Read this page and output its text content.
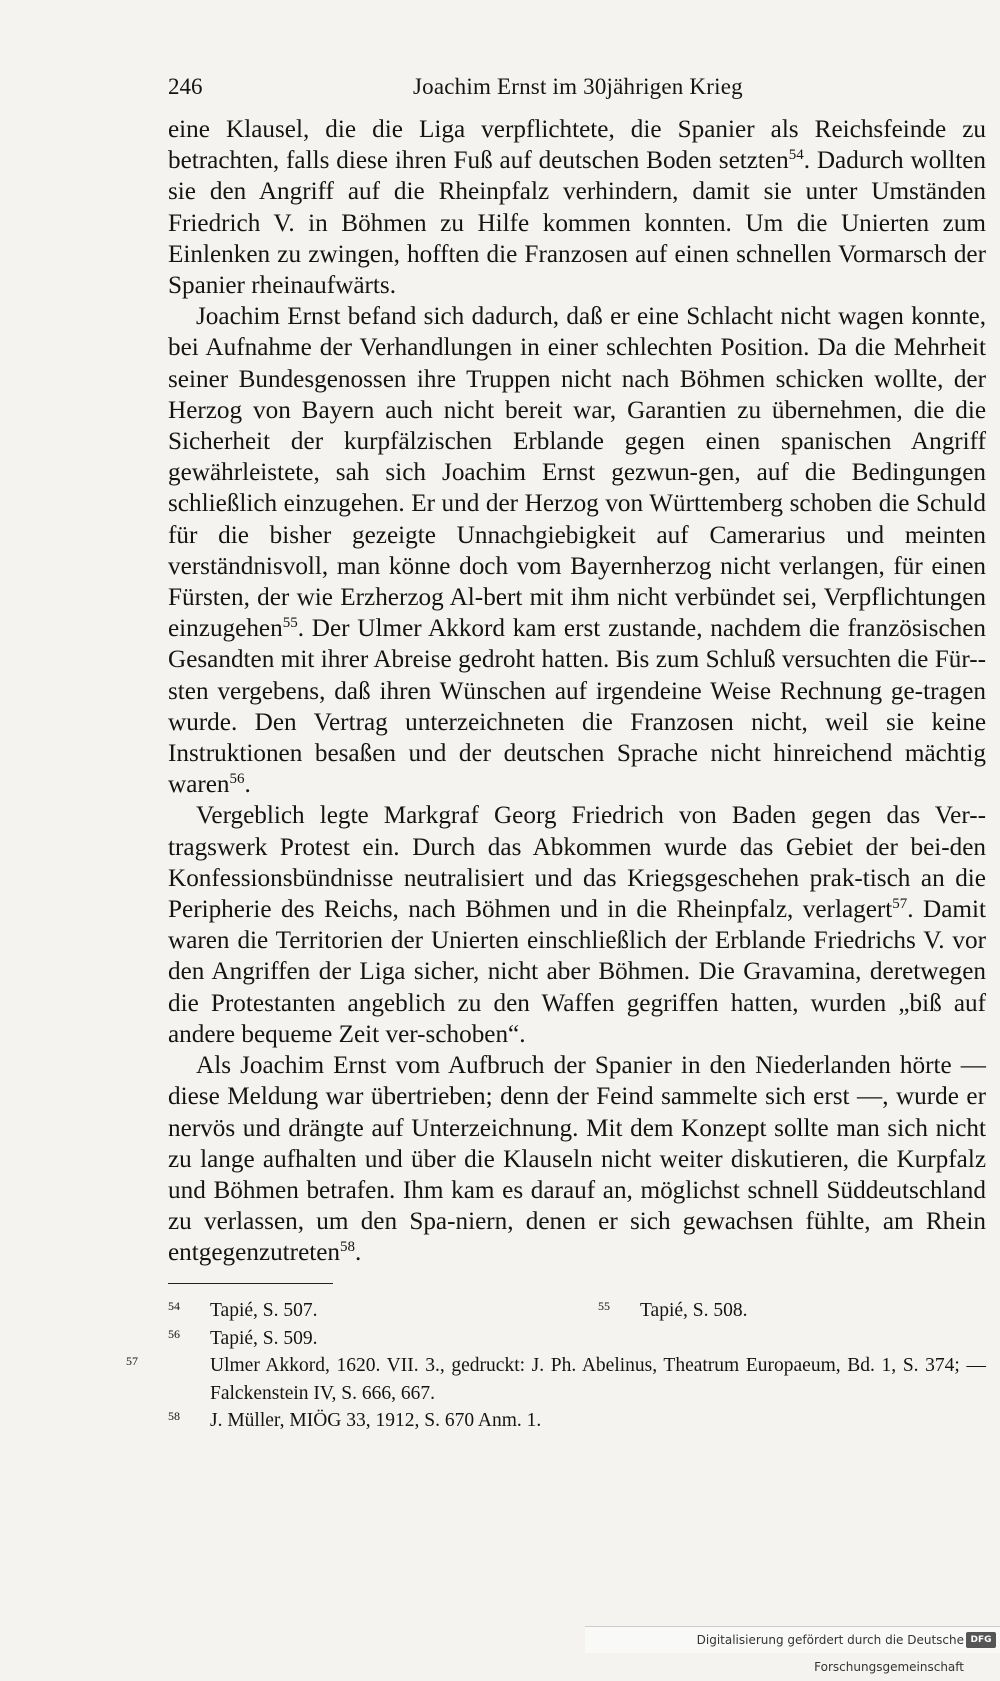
246	Joachim Ernst im 30jährigen Krieg

eine Klausel, die die Liga verpflichtete, die Spanier als Reichsfeinde zu betrachten, falls diese ihren Fuß auf deutschen Boden setzten$^{54}$. Dadurch wollten sie den Angriff auf die Rheinpfalz verhindern, damit sie unter Umständen Friedrich V. in Böhmen zu Hilfe kommen konnten. Um die Unierten zum Einlenken zu zwingen, hofften die Franzosen auf einen schnellen Vormarsch der Spanier rheinaufwärts.

Joachim Ernst befand sich dadurch, daß er eine Schlacht nicht wagen konnte, bei Aufnahme der Verhandlungen in einer schlechten Position. Da die Mehrheit seiner Bundesgenossen ihre Truppen nicht nach Böhmen schicken wollte, der Herzog von Bayern auch nicht bereit war, Garantien zu übernehmen, die die Sicherheit der kurpfälzischen Erblande gegen einen spanischen Angriff gewährleistete, sah sich Joachim Ernst gezwun-gen, auf die Bedingungen schließlich einzugehen. Er und der Herzog von Württemberg schoben die Schuld für die bisher gezeigte Unnachgiebigkeit auf Camerarius und meinten verständnisvoll, man könne doch vom Bayernherzog nicht verlangen, für einen Fürsten, der wie Erzherzog Al-bert mit ihm nicht verbündet sei, Verpflichtungen einzugehen$^{55}$. Der Ulmer Akkord kam erst zustande, nachdem die französischen Gesandten mit ihrer Abreise gedroht hatten. Bis zum Schluß versuchten die Für-sten vergebens, daß ihren Wünschen auf irgendeine Weise Rechnung ge-tragen wurde. Den Vertrag unterzeichneten die Franzosen nicht, weil sie keine Instruktionen besaßen und der deutschen Sprache nicht hinreichend mächtig waren$^{56}$.

Vergeblich legte Markgraf Georg Friedrich von Baden gegen das Ver-tragswerk Protest ein. Durch das Abkommen wurde das Gebiet der bei-den Konfessionsbündnisse neutralisiert und das Kriegsgeschehen prak-tisch an die Peripherie des Reichs, nach Böhmen und in die Rheinpfalz, verlagert$^{57}$. Damit waren die Territorien der Unierten einschließlich der Erblande Friedrichs V. vor den Angriffen der Liga sicher, nicht aber Böhmen. Die Gravamina, deretwegen die Protestanten angeblich zu den Waffen gegriffen hatten, wurden „biß auf andere bequeme Zeit ver-schoben“.

Als Joachim Ernst vom Aufbruch der Spanier in den Niederlanden hörte — diese Meldung war übertrieben; denn der Feind sammelte sich erst —, wurde er nervös und drängte auf Unterzeichnung. Mit dem Konzept sollte man sich nicht zu lange aufhalten und über die Klauseln nicht weiter diskutieren, die Kurpfalz und Böhmen betrafen. Ihm kam es darauf an, möglichst schnell Süddeutschland zu verlassen, um den Spa-niern, denen er sich gewachsen fühlte, am Rhein entgegenzutreten$^{58}$.

$^{54}$ Tapié, S. 507.	$^{55}$ Tapié, S. 508.

$^{56}$ Tapié, S. 509.

$^{57}$	Ulmer Akkord, 1620. VII. 3., gedruckt: J. Ph. Abelinus, Theatrum Europaeum, Bd. 1, S. 374; — Falckenstein IV, S. 666, 667.

$^{58}$ J. Müller, MIÖG 33, 1912, S. 670 Anm. 1.

Digitalisierung gefördert durch die Deutsche Forschungsgemeinschaft
DFG
